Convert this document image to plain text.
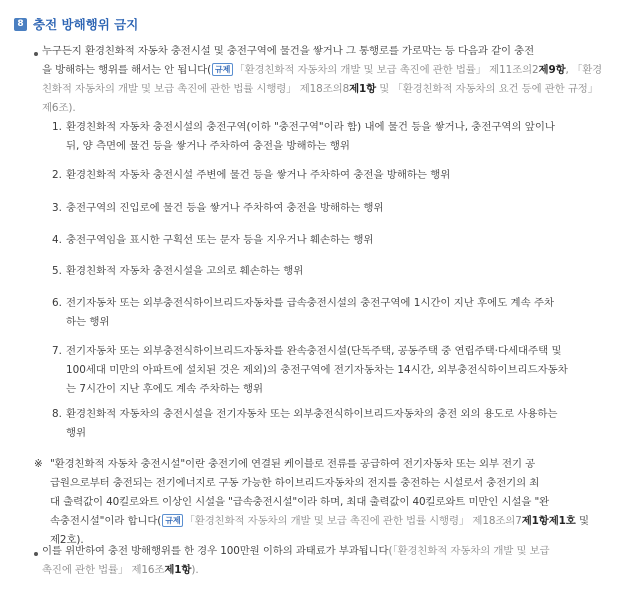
8 충전 방해행위 금지
누구든지 환경친화적 자동차 충전시설 및 충전구역에 물건을 쌓거나 그 통행로를 가로막는 등 다음과 같이 충전
을 방해하는 행위를 해서는 안 됩니다( 규제 「환경친화적 자동차의 개발 및 보급 촉진에 관한 법률」 제11조의2제9항, 「환경
친화적 자동차의 개발 및 보급 촉진에 관한 법률 시행령」 제18조의8제1항 및 「환경친화적 자동차의 요건 등에 관한 규정」
제6조).
1. 환경친화적 자동차 충전시설의 충전구역(이하 "충전구역"이라 함) 내에 물건 등을 쌓거나, 충전구역의 앞이나
뒤, 양 측면에 물건 등을 쌓거나 주차하여 충전을 방해하는 행위
2. 환경친화적 자동차 충전시설 주변에 물건 등을 쌓거나 주차하여 충전을 방해하는 행위
3. 충전구역의 진입로에 물건 등을 쌓거나 주차하여 충전을 방해하는 행위
4. 충전구역임을 표시한 구획선 또는 문자 등을 지우거나 훼손하는 행위
5. 환경친화적 자동차 충전시설을 고의로 훼손하는 행위
6. 전기자동차 또는 외부충전식하이브리드자동차를 급속충전시설의 충전구역에 1시간이 지난 후에도 계속 주차
하는 행위
7. 전기자동차 또는 외부충전식하이브리드자동차를 완속충전시설(단독주택, 공동주택 중 연립주택·다세대주택 및
100세대 미만의 아파트에 설치된 것은 제외)의 충전구역에 전기자동차는 14시간, 외부충전식하이브리드자동차
는 7시간이 지난 후에도 계속 주차하는 행위
8. 환경친화적 자동차의 충전시설을 전기자동차 또는 외부충전식하이브리드자동차의 충전 외의 용도로 사용하는
행위
※ "환경친화적 자동차 충전시설"이란 충전기에 연결된 케이블로 전류를 공급하여 전기자동차 또는 외부 전기 공
급원으로부터 충전되는 전기에너지로 구동 가능한 하이브리드자동차의 전지를 충전하는 시설로서 충전기의 최
대 출력값이 40킬로와트 이상인 시설을 "급속충전시설"이라 하며, 최대 출력값이 40킬로와트 미만인 시설을 "완
속충전시설"이라 합니다( 규제 「환경친화적 자동차의 개발 및 보급 촉진에 관한 법률 시행령」 제18조의7제1항제1호 및
제2호).
이를 위반하여 충전 방해행위를 한 경우 100만원 이하의 과태료가 부과됩니다(「환경친화적 자동차의 개발 및 보급
촉진에 관한 법률」 제16조제1항).
